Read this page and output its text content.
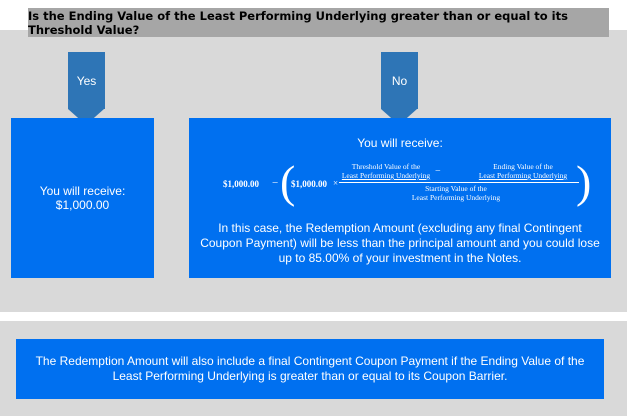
Is the Ending Value of the Least Performing Underlying greater than or equal to its Threshold Value?
Yes	No
You will receive:
$1,000.00
You will receive:
$1,000.00 − (
$1,000.00 ×
Threshold Value of the
Least Performing Underlying −	Ending Value of the
Least Performing Underlying
Starting Value of the
Least Performing Underlying	)
In this case, the Redemption Amount (excluding any final Contingent Coupon Payment) will be less than the principal amount and you could lose up to 85.00% of your investment in the Notes.
The Redemption Amount will also include a final Contingent Coupon Payment if the Ending Value of the Least Performing Underlying is greater than or equal to its Coupon Barrier.
